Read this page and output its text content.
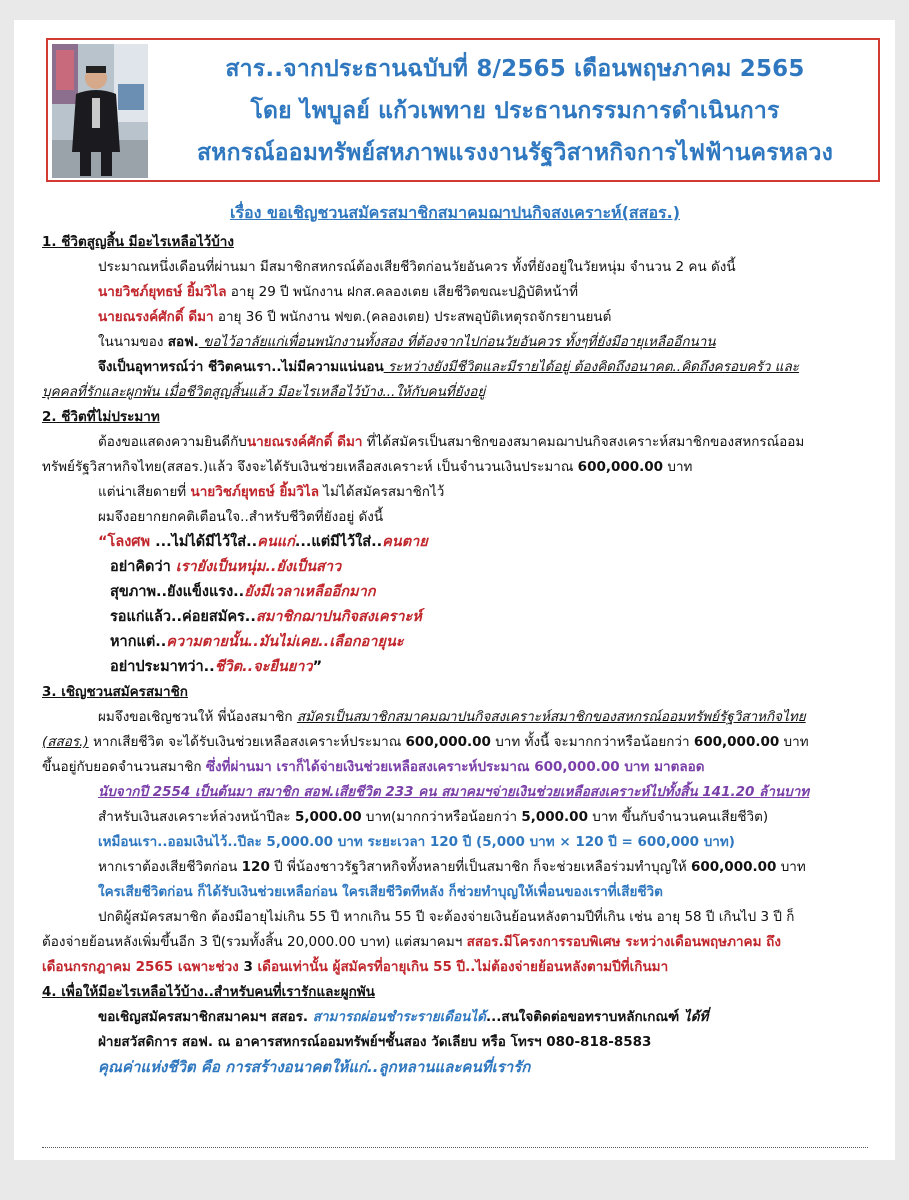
สาร..จากประธานฉบับที่ 8/2565 เดือนพฤษภาคม 2565
โดย ไพบูลย์ แก้วเพทาย ประธานกรรมการดำเนินการ
สหกรณ์ออมทรัพย์สหภาพแรงงานรัฐวิสาหกิจการไฟฟ้านครหลวง
เรื่อง ขอเชิญชวนสมัครสมาชิกสมาคมฌาปนกิจสงเคราะห์(สสอร.)
1. ชีวิตสูญสิ้น มีอะไรเหลือไว้บ้าง
ประมาณหนึ่งเดือนที่ผ่านมา มีสมาชิกสหกรณ์ต้องเสียชีวิตก่อนวัยอันควร ทั้งที่ยังอยู่ในวัยหนุ่ม จำนวน 2 คน ดังนี้
นายวิชภ์ยุทธษ์ ยิ้มวิไล อายุ 29 ปี พนักงาน ฝกส.คลองเตย เสียชีวิตขณะปฏิบัติหน้าที่
นายณรงค์ศักดิ์ ดีมา อายุ 36 ปี พนักงาน ฟขต.(คลองเตย) ประสพอุบัติเหตุรถจักรยานยนต์
ในนามของ สอฟ. ขอไว้อาลัยแก่เพื่อนพนักงานทั้งสอง ที่ต้องจากไปก่อนวัยอันควร ทั้งๆที่ยังมีอายุเหลืออีกนาน
จึงเป็นอุทาหรณ์ว่า ชีวิตคนเรา..ไม่มีความแน่นอน ระหว่างยังมีชีวิตและมีรายได้อยู่ ต้องคิดถึงอนาคต..คิดถึงครอบครัว และ
บุคคลที่รักและผูกพัน เมื่อชีวิตสูญสิ้นแล้ว มีอะไรเหลือไว้บ้าง...ให้กับคนที่ยังอยู่
2. ชีวิตที่ไม่ประมาท
ต้องขอแสดงความยินดีกับนายณรงค์ศักดิ์ ดีมา ที่ได้สมัครเป็นสมาชิกของสมาคมฌาปนกิจสงเคราะห์สมาชิกของสหกรณ์ออม
ทรัพย์รัฐวิสาหกิจไทย(สสอร.)แล้ว จึงจะได้รับเงินช่วยเหลือสงเคราะห์ เป็นจำนวนเงินประมาณ 600,000.00 บาท
แต่น่าเสียดายที่ นายวิชภ์ยุทธษ์ ยิ้มวิไล ไม่ได้สมัครสมาชิกไว้
ผมจึงอยากยกคติเตือนใจ..สำหรับชีวิตที่ยังอยู่ ดังนี้
“โลงศพ ...ไม่ได้มีไว้ใส่..คนแก่...แต่มีไว้ใส่..คนตาย
อย่าคิดว่า เรายังเป็นหนุ่ม..ยังเป็นสาว
สุขภาพ..ยังแข็งแรง..ยังมีเวลาเหลืออีกมาก
รอแก่แล้ว..ค่อยสมัคร..สมาชิกฌาปนกิจสงเคราะห์
หากแต่..ความตายนั้น..มันไม่เคย..เลือกอายุนะ
อย่าประมาทว่า..ชีวิต..จะยืนยาว”
3. เชิญชวนสมัครสมาชิก
ผมจึงขอเชิญชวนให้ พี่น้องสมาชิก สมัครเป็นสมาชิกสมาคมฌาปนกิจสงเคราะห์สมาชิกของสหกรณ์ออมทรัพย์รัฐวิสาหกิจไทย
(สสอร.) หากเสียชีวิต จะได้รับเงินช่วยเหลือสงเคราะห์ประมาณ 600,000.00 บาท ทั้งนี้ จะมากกว่าหรือน้อยกว่า 600,000.00 บาท
ขึ้นอยู่กับยอดจำนวนสมาชิก ซึ่งที่ผ่านมา เราก็ได้จ่ายเงินช่วยเหลือสงเคราะห์ประมาณ 600,000.00 บาท มาตลอด
นับจากปี 2554 เป็นต้นมา สมาชิก สอฟ.เสียชีวิต 233 คน สมาคมฯจ่ายเงินช่วยเหลือสงเคราะห์ไปทั้งสิ้น 141.20 ล้านบาท
สำหรับเงินสงเคราะห์ล่วงหน้าปีละ 5,000.00 บาท(มากกว่าหรือน้อยกว่า 5,000.00 บาท ขึ้นกับจำนวนคนเสียชีวิต)
เหมือนเรา..ออมเงินไว้..ปีละ 5,000.00 บาท ระยะเวลา 120 ปี (5,000 บาท × 120 ปี = 600,000 บาท)
หากเราต้องเสียชีวิตก่อน 120 ปี พี่น้องชาวรัฐวิสาหกิจทั้งหลายที่เป็นสมาชิก ก็จะช่วยเหลือร่วมทำบุญให้ 600,000.00 บาท
ใครเสียชีวิตก่อน ก็ได้รับเงินช่วยเหลือก่อน ใครเสียชีวิตทีหลัง ก็ช่วยทำบุญให้เพื่อนของเราที่เสียชีวิต
ปกติผู้สมัครสมาชิก ต้องมีอายุไม่เกิน 55 ปี หากเกิน 55 ปี จะต้องจ่ายเงินย้อนหลังตามปีที่เกิน เช่น อายุ 58 ปี เกินไป 3 ปี ก็
ต้องจ่ายย้อนหลังเพิ่มขึ้นอีก 3 ปี(รวมทั้งสิ้น 20,000.00 บาท) แต่สมาคมฯ สสอร.มีโครงการรอบพิเศษ ระหว่างเดือนพฤษภาคม ถึง
เดือนกรกฎาคม 2565 เฉพาะช่วง 3 เดือนเท่านั้น ผู้สมัครที่อายุเกิน 55 ปี..ไม่ต้องจ่ายย้อนหลังตามปีที่เกินมา
4. เพื่อให้มีอะไรเหลือไว้บ้าง..สำหรับคนที่เรารักและผูกพัน
ขอเชิญสมัครสมาชิกสมาคมฯ สสอร. สามารถผ่อนชำระรายเดือนได้...สนใจติดต่อขอทราบหลักเกณฑ์ ได้ที่
ฝ่ายสวัสดิการ สอฟ. ณ อาคารสหกรณ์ออมทรัพย์ฯชั้นสอง วัดเลียบ หรือ โทรฯ 080-818-8583
คุณค่าแห่งชีวิต คือ การสร้างอนาคตให้แก่..ลูกหลานและคนที่เรารัก
